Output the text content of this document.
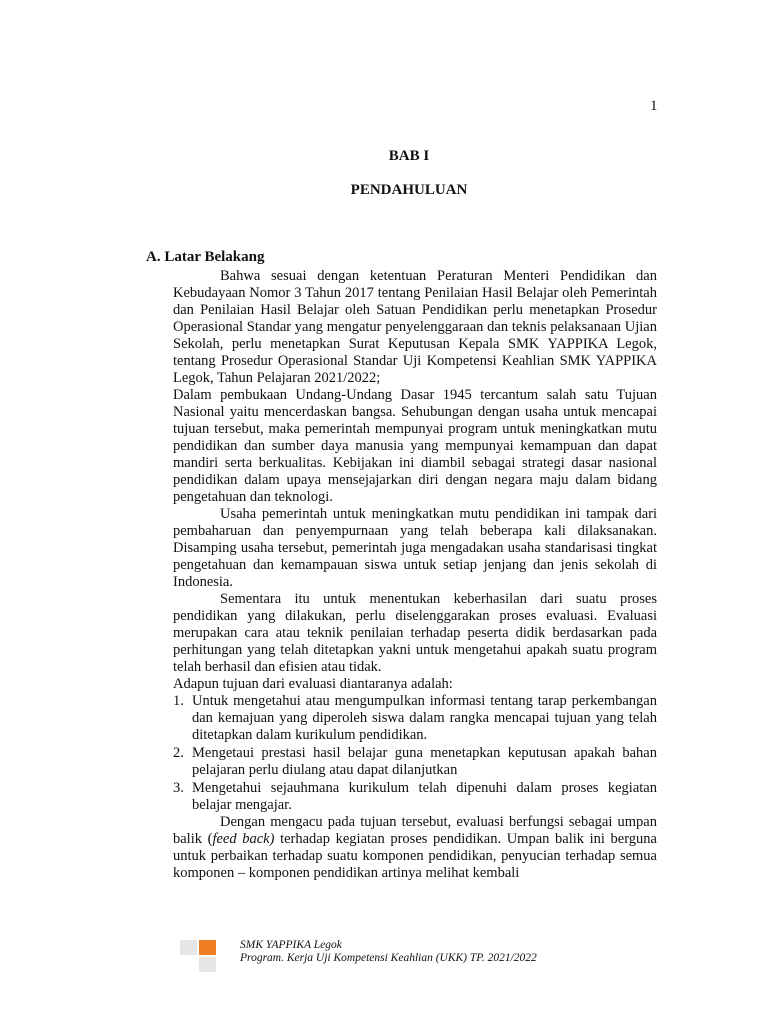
1
BAB I
PENDAHULUAN
A. Latar Belakang

Bahwa sesuai dengan ketentuan Peraturan Menteri Pendidikan dan Kebudayaan Nomor 3 Tahun 2017 tentang Penilaian Hasil Belajar oleh Pemerintah dan Penilaian Hasil Belajar oleh Satuan Pendidikan perlu menetapkan Prosedur Operasional Standar yang mengatur penyelenggaraan dan teknis pelaksanaan Ujian Sekolah, perlu menetapkan Surat Keputusan Kepala SMK YAPPIKA Legok, tentang Prosedur Operasional Standar Uji Kompetensi Keahlian SMK YAPPIKA Legok, Tahun Pelajaran 2021/2022;

Dalam pembukaan Undang-Undang Dasar 1945 tercantum salah satu Tujuan Nasional yaitu mencerdaskan bangsa. Sehubungan dengan usaha untuk mencapai tujuan tersebut, maka pemerintah mempunyai program untuk meningkatkan mutu pendidikan dan sumber daya manusia yang mempunyai kemampuan dan dapat mandiri serta berkualitas. Kebijakan ini diambil sebagai strategi dasar nasional pendidikan dalam upaya mensejajarkan diri dengan negara maju dalam bidang pengetahuan dan teknologi.

Usaha pemerintah untuk meningkatkan mutu pendidikan ini tampak dari pembaharuan dan penyempurnaan yang telah beberapa kali dilaksanakan. Disamping usaha tersebut, pemerintah juga mengadakan usaha standarisasi tingkat pengetahuan dan kemampauan siswa untuk setiap jenjang dan jenis sekolah di Indonesia.

Sementara itu untuk menentukan keberhasilan dari suatu proses pendidikan yang dilakukan, perlu diselenggarakan proses evaluasi. Evaluasi merupakan cara atau teknik penilaian terhadap peserta didik berdasarkan pada perhitungan yang telah ditetapkan yakni untuk mengetahui apakah suatu program telah berhasil dan efisien atau tidak.

Adapun tujuan dari evaluasi diantaranya adalah:

1. Untuk mengetahui atau mengumpulkan informasi tentang tarap perkembangan dan kemajuan yang diperoleh siswa dalam rangka mencapai tujuan yang telah ditetapkan dalam kurikulum pendidikan.
2. Mengetaui prestasi hasil belajar guna menetapkan keputusan apakah bahan pelajaran perlu diulang atau dapat dilanjutkan
3. Mengetahui sejauhmana kurikulum telah dipenuhi dalam proses kegiatan belajar mengajar.

Dengan mengacu pada tujuan tersebut, evaluasi berfungsi sebagai umpan balik (feed back) terhadap kegiatan proses pendidikan. Umpan balik ini berguna untuk perbaikan terhadap suatu komponen pendidikan, penyucian terhadap semua komponen – komponen pendidikan artinya melihat kembali

SMK YAPPIKA Legok
Program. Kerja Uji Kompetensi Keahlian (UKK) TP. 2021/2022
